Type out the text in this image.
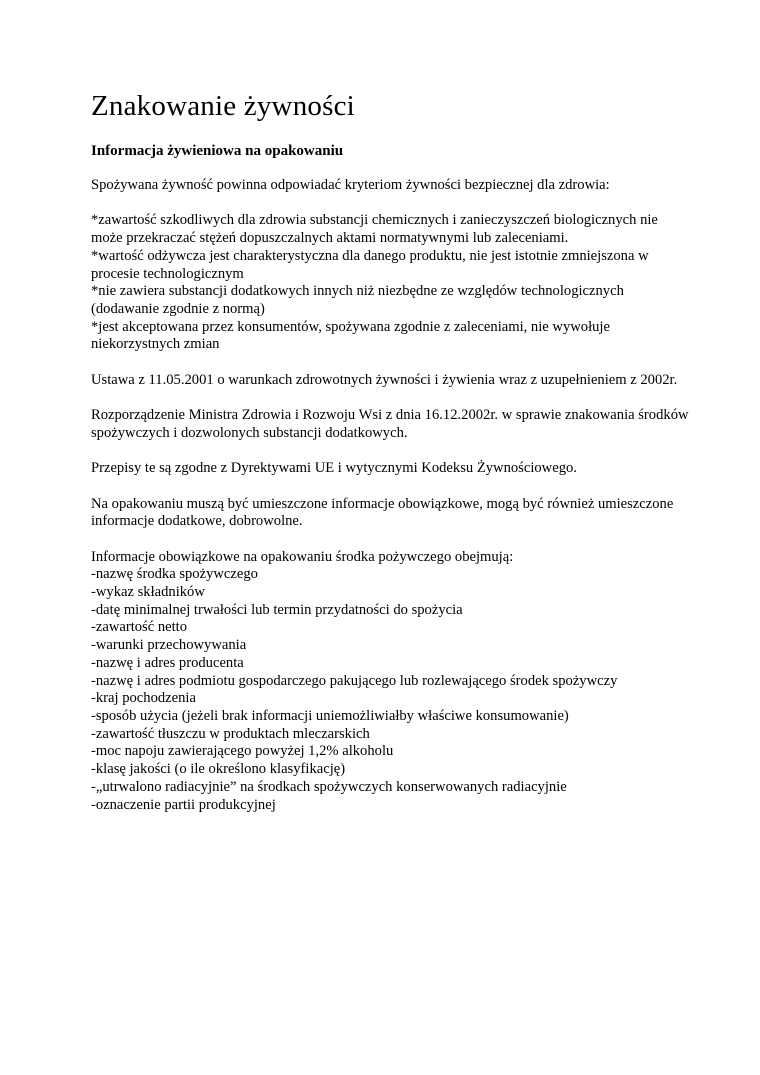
Znakowanie żywności
Informacja żywieniowa na opakowaniu

Spożywana żywność powinna odpowiadać kryteriom żywności bezpiecznej dla zdrowia:

*zawartość szkodliwych dla zdrowia substancji chemicznych i zanieczyszczeń biologicznych nie może przekraczać stężeń dopuszczalnych aktami normatywnymi lub zaleceniami.

*wartość odżywcza jest charakterystyczna dla danego produktu, nie jest istotnie zmniejszona w procesie technologicznym

*nie zawiera substancji dodatkowych innych niż niezbędne ze względów technologicznych (dodawanie zgodnie z normą)

*jest akceptowana przez konsumentów, spożywana zgodnie z zaleceniami, nie wywołuje niekorzystnych zmian

Ustawa z 11.05.2001 o warunkach zdrowotnych żywności i żywienia wraz z uzupełnieniem z 2002r.

Rozporządzenie Ministra Zdrowia i Rozwoju Wsi z dnia 16.12.2002r. w sprawie znakowania środków spożywczych i dozwolonych substancji dodatkowych.

Przepisy te są zgodne z Dyrektywami UE i wytycznymi Kodeksu Żywnościowego.

Na opakowaniu muszą być umieszczone informacje obowiązkowe, mogą być również umieszczone informacje dodatkowe, dobrowolne.

Informacje obowiązkowe na opakowaniu środka pożywczego obejmują:

-nazwę środka spożywczego
-wykaz składników
-datę minimalnej trwałości lub termin przydatności do spożycia
-zawartość netto
-warunki przechowywania
-nazwę i adres producenta
-nazwę i adres podmiotu gospodarczego pakującego lub rozlewającego środek spożywczy
-kraj pochodzenia
-sposób użycia (jeżeli brak informacji uniemożliwiałby właściwe konsumowanie)
-zawartość tłuszczu w produktach mleczarskich
-moc napoju zawierającego powyżej 1,2% alkoholu
-klasę jakości (o ile określono klasyfikację)
-„utrwalono radiacyjnie” na środkach spożywczych konserwowanych radiacyjnie
-oznaczenie partii produkcyjnej
